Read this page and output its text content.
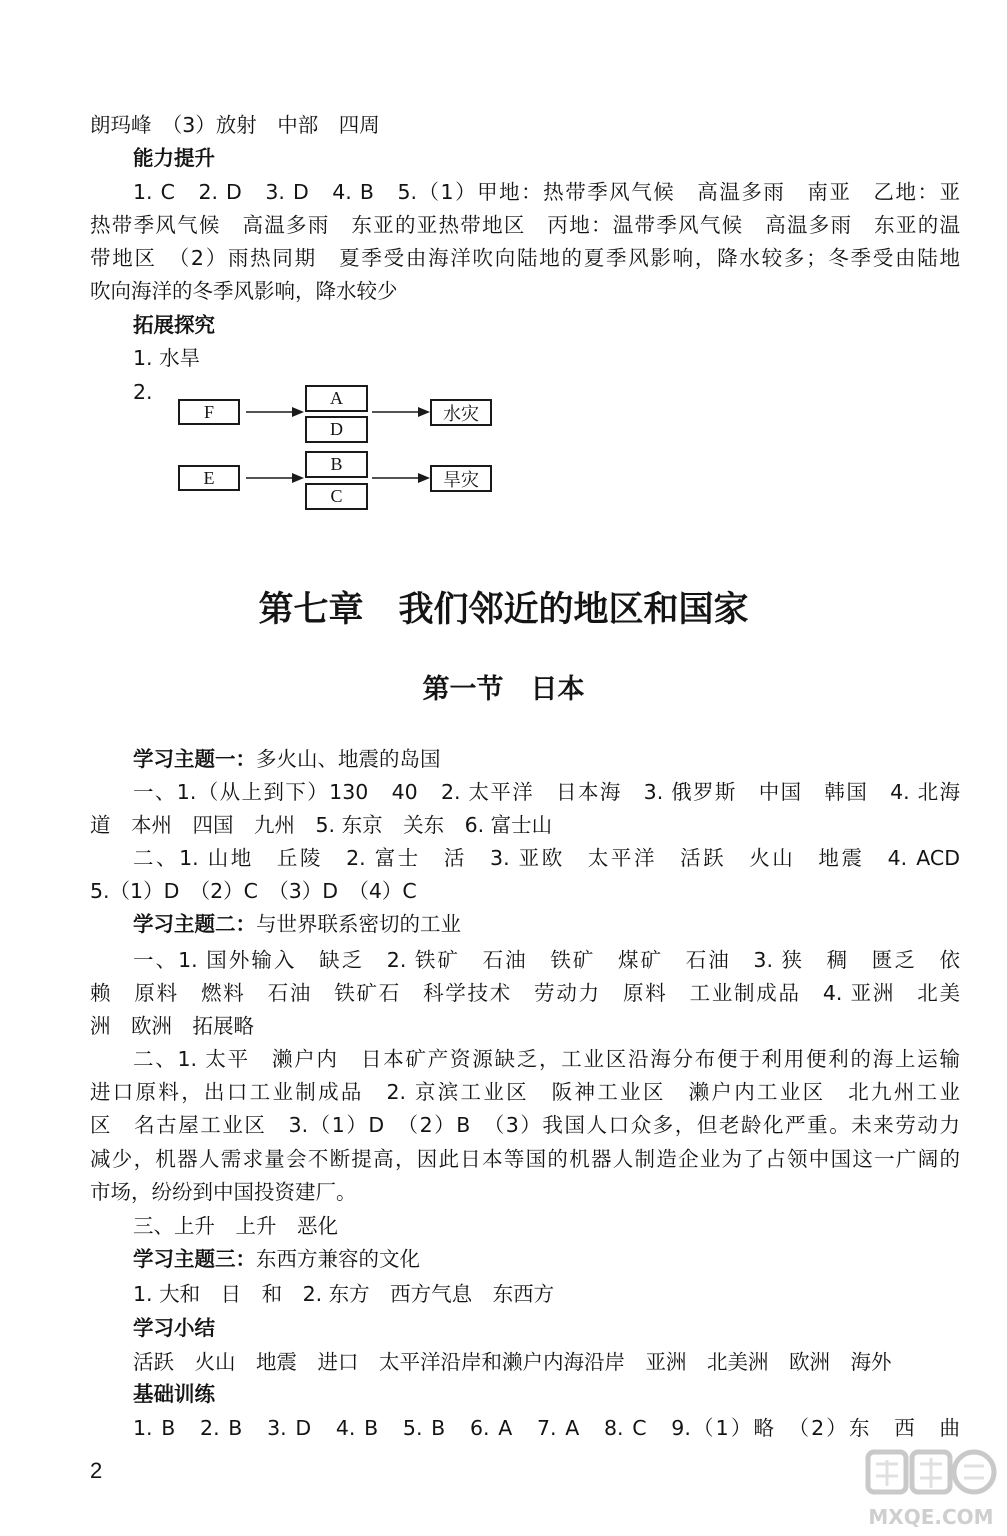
朗玛峰　（3）放射　中部　四周
能力提升
1. C　2. D　3. D　4. B　5.（1）甲地：热带季风气候　高温多雨　南亚　乙地：亚
热带季风气候　高温多雨　东亚的亚热带地区　丙地：温带季风气候　高温多雨　东亚的温
带地区　（2）雨热同期　夏季受由海洋吹向陆地的夏季风影响，降水较多；冬季受由陆地
吹向海洋的冬季风影响，降水较少
拓展探究
1. 水旱
2.
F
A
D
水灾
E
B
C
旱灾
第七章　我们邻近的地区和国家
第一节　日本
学习主题一：多火山、地震的岛国
一、1.（从上到下）130　40　2. 太平洋　日本海　3. 俄罗斯　中国　韩国　4. 北海
道　本州　四国　九州　5. 东京　关东　6. 富士山
二、1. 山地　丘陵　2. 富士　活　3. 亚欧　太平洋　活跃　火山　地震　4. ACD
5.（1）D　（2）C　（3）D　（4）C
学习主题二：与世界联系密切的工业
一、1. 国外输入　缺乏　2. 铁矿　石油　铁矿　煤矿　石油　3. 狭　稠　匮乏　依
赖　原料　燃料　石油　铁矿石　科学技术　劳动力　原料　工业制成品　4. 亚洲　北美
洲　欧洲　拓展略
二、1. 太平　濑户内　日本矿产资源缺乏，工业区沿海分布便于利用便利的海上运输
进口原料，出口工业制成品　2. 京滨工业区　阪神工业区　濑户内工业区　北九州工业
区　名古屋工业区　3.（1）D　（2）B　（3）我国人口众多，但老龄化严重。未来劳动力
减少，机器人需求量会不断提高，因此日本等国的机器人制造企业为了占领中国这一广阔的
市场，纷纷到中国投资建厂。
三、上升　上升　恶化
学习主题三：东西方兼容的文化
1. 大和　日　和　2. 东方　西方气息　东西方
学习小结
活跃　火山　地震　进口　太平洋沿岸和濑户内海沿岸　亚洲　北美洲　欧洲　海外
基础训练
1. B　2. B　3. D　4. B　5. B　6. A　7. A　8. C　9.（1）略　（2）东　西　曲
2
MXQE.COM
